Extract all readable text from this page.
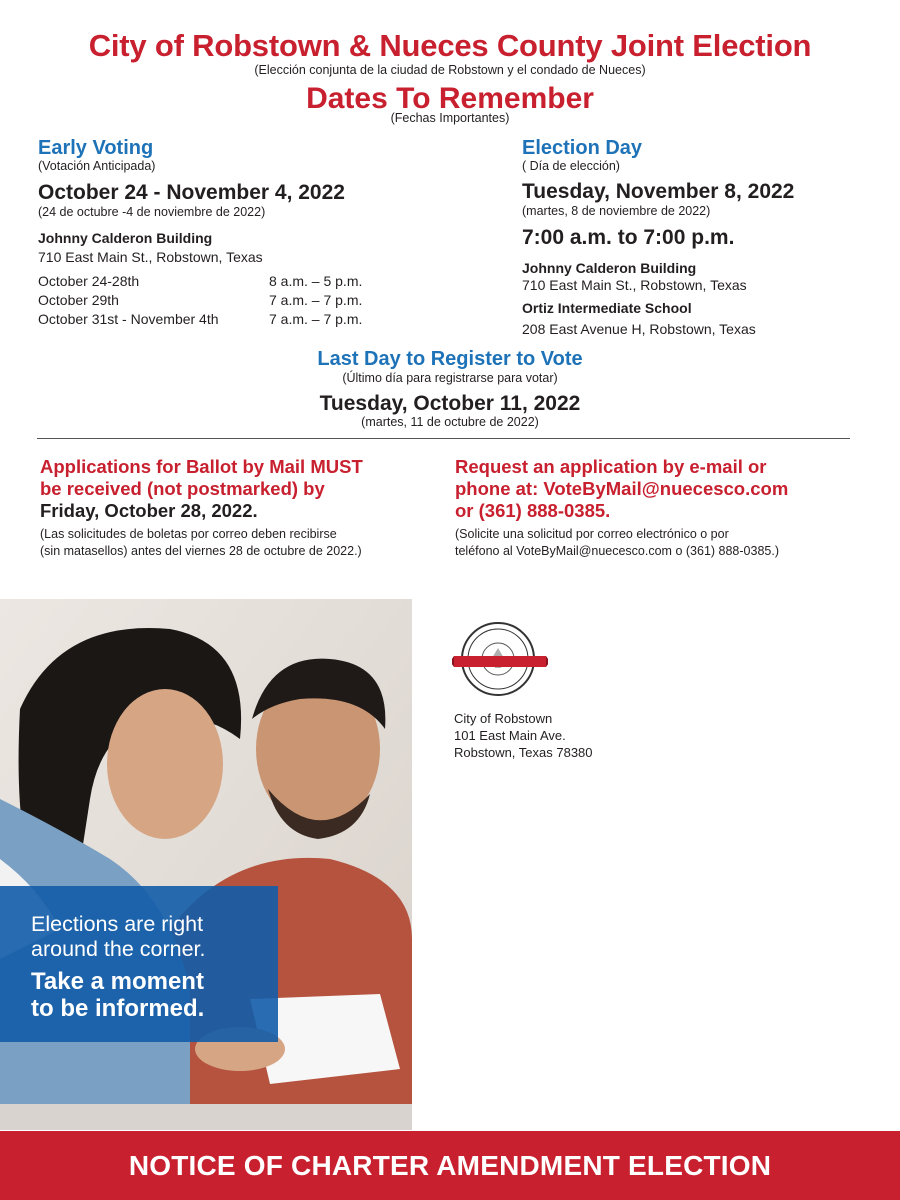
City of Robstown & Nueces County Joint Election
(Elección conjunta de la ciudad de Robstown y el condado de Nueces)
Dates To Remember
(Fechas Importantes)
Early Voting
(Votación Anticipada)
October 24 - November 4, 2022
(24 de octubre -4 de noviembre de 2022)
Johnny Calderon Building
710 East Main St., Robstown, Texas
October 24-28th	8 a.m. – 5 p.m.
October 29th	7 a.m. – 7 p.m.
October 31st - November 4th	7 a.m. – 7 p.m.
Election Day
( Día de elección)
Tuesday, November 8, 2022
(martes, 8 de noviembre de 2022)
7:00 a.m. to 7:00 p.m.
Johnny Calderon Building
710 East Main St., Robstown, Texas
Ortiz Intermediate School
208 East Avenue H, Robstown, Texas
Last Day to Register to Vote
(Último día para registrarse para votar)
Tuesday, October 11, 2022
(martes, 11 de octubre de 2022)
Applications for Ballot by Mail MUST
be received (not postmarked) by
Friday, October 28, 2022.
(Las solicitudes de boletas por correo deben recibirse
(sin matasellos) antes del viernes 28 de octubre de 2022.)
Request an application by e-mail or
phone at: VoteByMail@nuecesco.com
or (361) 888-0385.
(Solicite una solicitud por correo electrónico o por
teléfono al VoteByMail@nuecesco.com o (361) 888-0385.)
Elections are right
around the corner.
Take a moment
to be informed.
City of Robstown
101 East Main Ave.
Robstown, Texas 78380
NOTICE OF CHARTER AMENDMENT ELECTION
